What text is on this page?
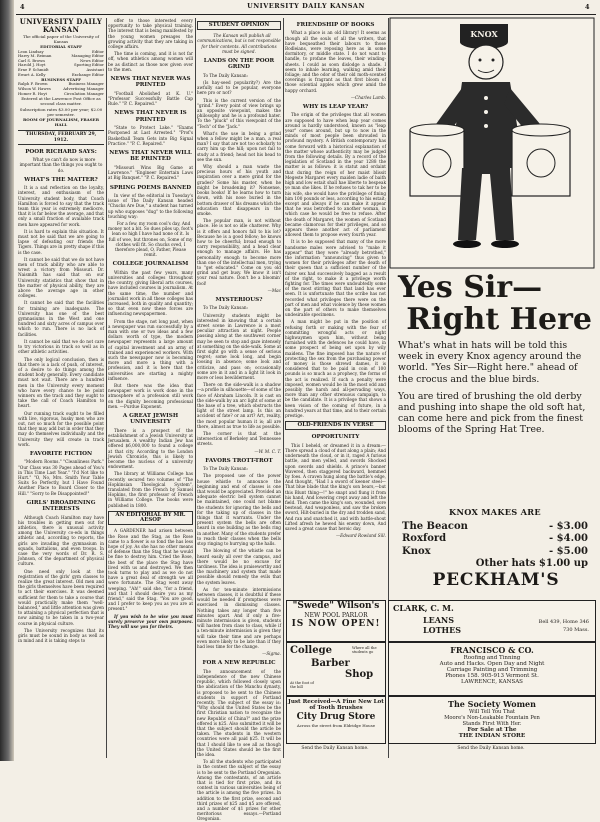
4	UNIVERSITY DAILY KANSAN	4
UNIVERSITY DAILY KANSAN
The official paper of the University of Kansas
EDITORIAL STAFF
Leon Lindsay	Editor
Harry M. Reiman	Managing Editor
Carl S. Brown	News Editor
Harold J. Hoyt	Sporting Editor
Erne P. Schmidt	Assistant
Ewart A. Kelly	Exchange Editor
BUSINESS STAFF
Ralph F. Brown	Business Manager
Wilson W. Hawes	Advertising Manager
Homer R. Hoyt	Circulation Manager
Entered at the Lawrence Post Office as second class matter.
Subscription rates $3.00 per year; $2.00 per semester.
ROOM OF JOURNALISM, FRASER HALL
THURSDAY, FEBRUARY 29, 1912.
POOR RICHARD SAYS:

What ye can't do now is more important than the things you ought to do.

WHAT'S THE MATTER?

It is a sad reflection on the loyalty, interest, and enthusiasm of the University student body, that Coach Hamilton is forced to say that the track team this year is extremely mediocre, that it is far below the average, and that only a small fraction of available track men have appeared for work.

It is hard to explain this situation. It must not be said that we are going to lapse of defeating our friends the Tigers. Things are in pretty shape if this is the case.

It cannot be said that we do not have men of track ability who are able to wrest a victory from Missouri. Dr. Naismith has said that on our University statistics that show that in the matter of physical ability, they are above the average age in other colleges.

It cannot be said that the facilities for training are inadequate. The University has one of the best gymnasiums in the West and one hundred and sixty acres of campus over which to run. There is no lack of facilities.

It cannot be said that we do not care to try victorious in track so well as in other athletic activities.

The only logical conclusion, then is that there is a lack of push, of interest, of a desire to do things among the student body generally. Every candidate must not wait. There are a hundred men in the University every moment who have every chance to be point winners on the track and they ought to take the call of Coach Hamilton to heart.

Our running track ought to be filled with live, vigorous, husky men who are out, not so much for the possible point that they may add but in order that they may do themselves individually and the University they will create in track work.

FAVORITE FICTION

"Modern Rooms." "Cleanliness Park." "Our Class was 30 Pages ahead of You's in This Time Last Year." "I'd Not like to Hurt." "O, No, Mrs. Smith Your Table Suits So Perfectly, but I Have Found Another Place to Board Closer to the Hill." "Sorry to Be Disappointed!"

GIRLS' BROADENING INTERESTS

Although Coach Hamilton may have his troubles in getting men out for athletics, there is unusual activity among the University co-eds in things athletic and, according to reports, the girls are invading the gymnasium in squads, battalions, and even troops. In case the very words of Dr. R. S. Johnson, of the department of physical culture.

One need only look at the registration of the girls' gym classes to realize the great interest. Old men and the girls themselves have been required to act their exercises. It was deemed sufficient for them to take a course that would practically make them "well-balanced," and little attention was given to attaining a physical perfection that is now aiming to be taken in a two-year course in physical culture.

The University recognizes that its girls must be sound in body as well as in mind and it is taking steps to

offer to those interested every opportunity to take physical training. The interest that is being manifested by the young women presages the growing activity that they are taking in college affairs.

The time is coming, and it is not far off, when athletics among women will be as distinct as those now given over to the men.

NEWS THAT NEVER WAS PRINTED

"Football Abolished at K. U." "Professor Successfully Battle Cap Rule." "P. C. Repaired."

NEWS THAT NEVER IS PRINTED

"State to Protect Lake." "Exams Postponed at Last Arrested." "Prof's Basketball Team Gets into Big Signal Practice." "P. C. Repaired."

NEWS THAT NEVER WILL BE PRINTED

"Missouri Wins Big Game at Lawrence." "Engineer Entertain Laws at Big Banquet." "P. C. Repaired."

SPRING POEMS BANNED

In view of the editorial in Tuesday's issue of The Daily Kansan headed "Chucks Are Due," a student has turned up who supposes "dug" to the following touching way:

For a few, my room cool's day, And money not a bit. So dues piles up, foot's lean so high I have had none of it. Is full of woe, but thrones on, Some of my clothes will fit. So chucks oved, I therefore plead, O, Father, Please remit.

COLLEGE JOURNALISM

Within the past few years, many universities and colleges throughout the country, giving liberal arts courses, have included courses in journalism. At the same time, the number and journalist work in all these colleges has increased, both in quality and quantity; so that even now these forces are influencing newspapermen.

From the stage, not long past, when a newspaper was run successfully by a man with one or two ideas and a few dollars worth of type, the modern newspaper represents a large amount of capital investment and an army of trained and experienced workers. With such the newspaper now is becoming more and more a thing with a profession, and it is here that the universities are starting a mighty influence.

But there was the idea that newspaper work is work done in the atmosphere of a profession still work on the dignity becoming professional men. —Purdue Exponent.

A GREAT JEWISH UNIVERSITY

There is a prospect of the establishment of a Jewish University at Jerusalem. A wealthy Indian Jew has offered $6,000,000 to found a college at that city. According to the London Jewish Chronicle, this is likely to become the nucleus of a university endowment.

The library at Williams College has recently secured two volumes of "The Hopkinsian Theological System", translated from the French by Samuel Hopkins, the first professor of French in Williams College. The books were published in 1800.

AN EDITORIAL BY MR. AESOP

A GARDENER had arisen between the Rose and the Stag, as the Rose came to a flower is so fond the has less hope of joy. As she has no other means of defense than the Stag that he would be fine to destroy him. Cried the Rose, the best of the place the Stag have lived with us and destroyed. We then took turns to play and as we do not have a great deal of strength we all were fortunate. The Stag went away weeping. "Ah!" said she, "for a friend, and that I should desire you as my friend," said the Stag. "You are good, and I prefer to keep you as you are at present."

If you wish to be wise you must surely preserve your own purposes. They will use you for theirs.

STUDENT OPINION

The Kansan will publish all communications, but is not responsible for their contents. All contributions must be signed.

LANDS ON THE POOR GRIND

To The Daily Kansan:

(Is hay-seed popularity?) Are the awfully sad to be popular, everyone here pro or not?

This is the current version of the "grind." Every point of view brings up an opposite viewpoint, makes the philosophy and he is a profound hater. To the "pluck" of this viewpoint of the "Tech" of the "Jack."

What's the use in being a grind when a fellow might be a man, a real man? I say that are not too scholarly to carry him up the hill; upon not fail to study at a friend; head not his head to see the sun.

Why should a man waste the precious hours of his youth and inspiration over a mere grind for the grades? Some his master, when he might be broadening it? Nonsense, books books! If he learns how to turn down, with his nose buried in the bottom drawer of his dreams which the education that disappears in the smoke.

The popular man, is not without place. He is not so idle chatterer. Why is it offers and honors fall to his lot? Because he is a good fellow; he knows how to be cheerful; broad enough to carry responsibility, and a head clear enough to manage affairs. He has personality enough to become more than one of the intellectual men, trying to "get educated." Come on you old grind and get busy. We know it isn't your real nature. Don't be a bloomin' fool!

—Mac

MYSTERIOUS?

To The Daily Kansan:

University students might be interested in knowing that a certain street scene in Lawrence is a most peculiar attraction at night. People passing along at the southwest corner may be seen to stop and gaze intensely at something on the side-walk. Some at first sight go with a sense of serious regret; some look long, and begin loosing in absence; some look and criticize, and pass on; occasionally some are in it and in a light lit look in more or less bewilderment.

There on the side-walk is a shadow—a profile in silhouette—of some of the face of Abraham Lincoln. It is cast on the side-walk by an arc light of some at the base of a tree, which obstructs the light of the street lamp. Is this an accident of fate? or an art? Art, reality, the most popular human it is; all are there, almost as true to life as possible.

The corner is that at the intersection of Berkeley and Tennessee streets.

—W. M. C. T.

FAVORS TROTT-TROT

To The Daily Kansan:

The proposed use of the power house whistle to announce the beginning and end of classes is one that would be appreciated. Provided an adequate electric bell system cannot be maintained, one could not blame the students for ignoring the bells and for the taking up of classes in the things that it warrants. Under the present system the bells are often heard in one building as the bells ring in another. Many of the students prefer to reach their classes when the bells stop ringing to hurrying up the halls.

The blowing of the whistle can be heard easily all over the campus, and there would be no excuse for tardiness. The idea is praiseworthy and the machinery and system that made possible should remedy the evils that the system leaves.

As for ten-minute intermissions between classes, it is doubtful if these would be needed if promptness were exercised in dismissing classes. Nothing takes any longer than five minutes apart. And if only a five-minute intermission is given, students will hasten from class to class, while if a ten-minute intermission is given they will take their time and are perhaps even more likely to be late than if they had less time for the change.

—Sigma.

FOR A NEW REPUBLIC

The announcement of the independence of the new Chinese republic, which followed closely upon the abdication of the Manchu dynasty, is proposed to be sent to the Chinese students in support of Portland recently. The subject of the essay is: "Why should the United States be the first Christian nation to recognize the new Republic of China?" and the prize offered is $25. Also submitted it will be that the subject should the article be taken. The students in the western countries were all paid $25. It will be that I should like to see all as though the United States should be the first the idea.

To all the students who participated in the contest the subject of the essay is to be sent to the Portland Oregonian. Among the contestants, of an article that is tied for first prize, and its contest in various universities being of the article is among the five prizes. In addition to the first prize, second and third prizes of $25 and $5 are offered, and a number of $1 prizes for other meritorious essays.—Portland Oregonian.

FRIENDSHIP OF BOOKS

What a place is an old library! It seems as though all the souls of all the writers, that have bequeathed their labours to those Bodleians, were reposing here as in some dormitory, or middle state. I do not want to handle, to profane the leaves, their winding-sheets. I could as soon dislodge a shade. I seem to inhale learning, walking amid their foliage; and the odor of their old moth-scented coverings is fragrant as that first bloom of those sciential apples which grew amid the happy orchard.

—Charles Lamb.

WHY IS LEAP YEAR?

The origin of the privileges that all women are supposed to have when leap year comes around is hardly understood, known as "leap year" comes around, but up to now in the minds of most people been shrouded in profound mystery. A British contemporary has come forward with a historical explanation of the matter whose authenticity may be judged from the following details. By a record of the legislation of Scotland in the year 1288 the matter is as follows: it is statut and ordaint that during the reign of her maist blissit Megeste Margaret every maiden ladie of baith high and low estait shall hae liberte to bespeak ye man she likes. If he refuses to tak her to be his wife, she would have the privilege of fining him 100 pounds or less, according to his estait; except and always if he can make it appear that he was betrothed to another woman, in which case he would be free to refuse. After the death of Margaret, the women of Scotland became clamorous for their privileges, and so appears these another act of parliament allowed them to propose every fourth year.

It is to be supposed that many of the more handsome males were advised to "make it appear" that they were "already betrothed," the information "announcing" thus given to women for their privileges after the death of their queen that a sufficient number of the fairer sex had successively bagged as a result of the right, to make it a privilege worth fighting for. The times were undoubtedly some of the most stirring that that land has ever seen. It is unfortunate that the scribe has not recorded what privileges there were on the part of men and what violence by these women on the part of others to make themselves undesirable specimens.

A man might be put in the position of refusing forth or making with the fear of committing wrongful acts or night highwaymen upon him, without being furnished with the defences he could have, in some prospect of being set upon by wily maidens. The fine imposed has the nature of protecting the sex from the purchasing power of money is those shrewd dames, it is considered that to be paid in coin of 100 pounds is so much as a prophecy, the forms of the act is realized. If such a penalty were imposed, women would be in the most odd and possibly the harsh and all-pervading ways, more than any other strenuous campaign, to be the candidate. It is a privilege that shows a keen vision of the coming of future, in a hundred years at that time, and to their certain prestige.

OLD-FRIENDS IN VERSE
OPPORTUNITY

This I beheld, or dreamed it in a dream:— There spread a cloud of dust along a plain; And underneath the cloud, or in it, raged A furious battle, and men yelled, and swords Shocked upon swords and shields. A prince's banner Wavered, then staggered backward, hemmed by foes. A craven hung along the battle's edge, And thought, "Had I a sword of keener steel— That blue blade that the king's son bears,—but this Blunt thing—!" he snapt and flung it from his hand, And lowering crept away and left the field. Then came the king's son, wounded, sore bestead, And weaponless, and saw the broken sword, Hilt-buried in the dry and trodden sand, And ran and snatched it, and with battle-shout Lifted afresh he hewed his enemy down, And saved a great cause that heroic day.

—Edward Rowland Sill.

KNOX
Yes Sir—
Right Here

What's what in hats will be told this week in every Knox agency around the world. "Yes Sir—Right here." ahead of the crocus and the blue birds.

You are tired of brushing the old derby and pushing into shape the old soft hat, can come here and pick from the finest blooms of the Spring Hat Tree.

KNOX MAKES ARE
The Beacon	- $3.00
Roxford	- $4.00
Knox	- $5.00
Other hats $1.00 up
PECKHAM'S
"Swede" Wilson's
NEW POOL PARLOR
IS NOW OPEN!
CLARK, C. M.
LEANS
LOTHES
Bell 439, Home 346
730 Mass.
College
Barber
Shop
Where all the students go
At the foot of the hill
FRANCISCO & CO.
Roofing and Tinning
Auto and Hacks. Open Day and Night
Carriage Painting and Trimming
Phones 158. 905-913 Vermont St.
LAWRENCE, KANSAS
Just Received—A Fine New Lot
of Tooth Brushes
City Drug Store
Across the street from Eldridge House
The Society Women
Will Tell You That
Moore's Non-Leakable Fountain Pen
Stands First With Her.
For Sale at The
THE INDIAN STORE
Send the Daily Kansan home.	Send the Daily Kansan home.
